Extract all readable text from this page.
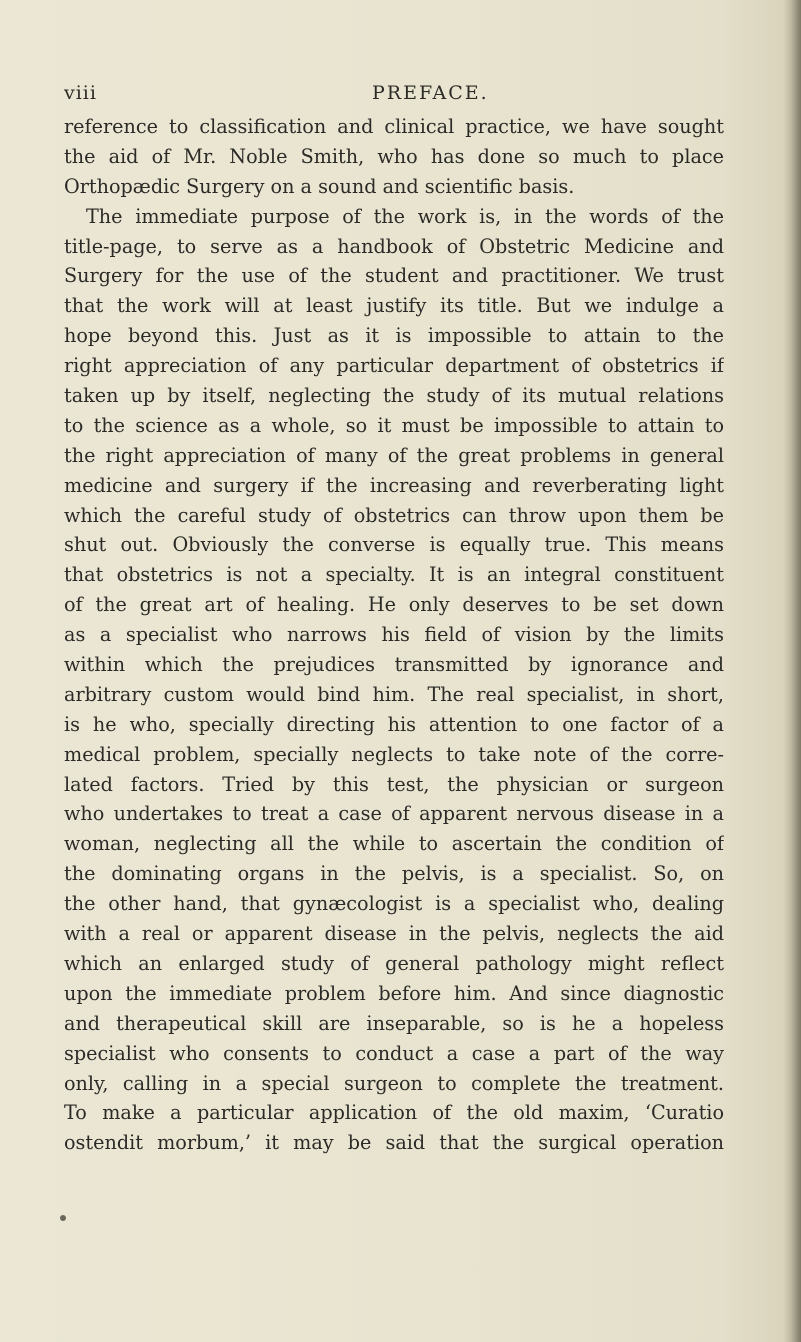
viii	PREFACE.
reference to classification and clinical practice, we have sought
the aid of Mr. Noble Smith, who has done so much to place
Orthopædic Surgery on a sound and scientific basis.
The immediate purpose of the work is, in the words of the
title-page, to serve as a handbook of Obstetric Medicine and
Surgery for the use of the student and practitioner. We trust
that the work will at least justify its title. But we indulge a
hope beyond this. Just as it is impossible to attain to the
right appreciation of any particular department of obstetrics if
taken up by itself, neglecting the study of its mutual relations
to the science as a whole, so it must be impossible to attain to
the right appreciation of many of the great problems in general
medicine and surgery if the increasing and reverberating light
which the careful study of obstetrics can throw upon them be
shut out. Obviously the converse is equally true. This means
that obstetrics is not a specialty. It is an integral constituent
of the great art of healing. He only deserves to be set down
as a specialist who narrows his field of vision by the limits
within which the prejudices transmitted by ignorance and
arbitrary custom would bind him. The real specialist, in short,
is he who, specially directing his attention to one factor of a
medical problem, specially neglects to take note of the corre-
lated factors. Tried by this test, the physician or surgeon
who undertakes to treat a case of apparent nervous disease in a
woman, neglecting all the while to ascertain the condition of
the dominating organs in the pelvis, is a specialist. So, on
the other hand, that gynæcologist is a specialist who, dealing
with a real or apparent disease in the pelvis, neglects the aid
which an enlarged study of general pathology might reflect
upon the immediate problem before him. And since diagnostic
and therapeutical skill are inseparable, so is he a hopeless
specialist who consents to conduct a case a part of the way
only, calling in a special surgeon to complete the treatment.
To make a particular application of the old maxim, ‘Curatio
ostendit morbum,’ it may be said that the surgical operation
